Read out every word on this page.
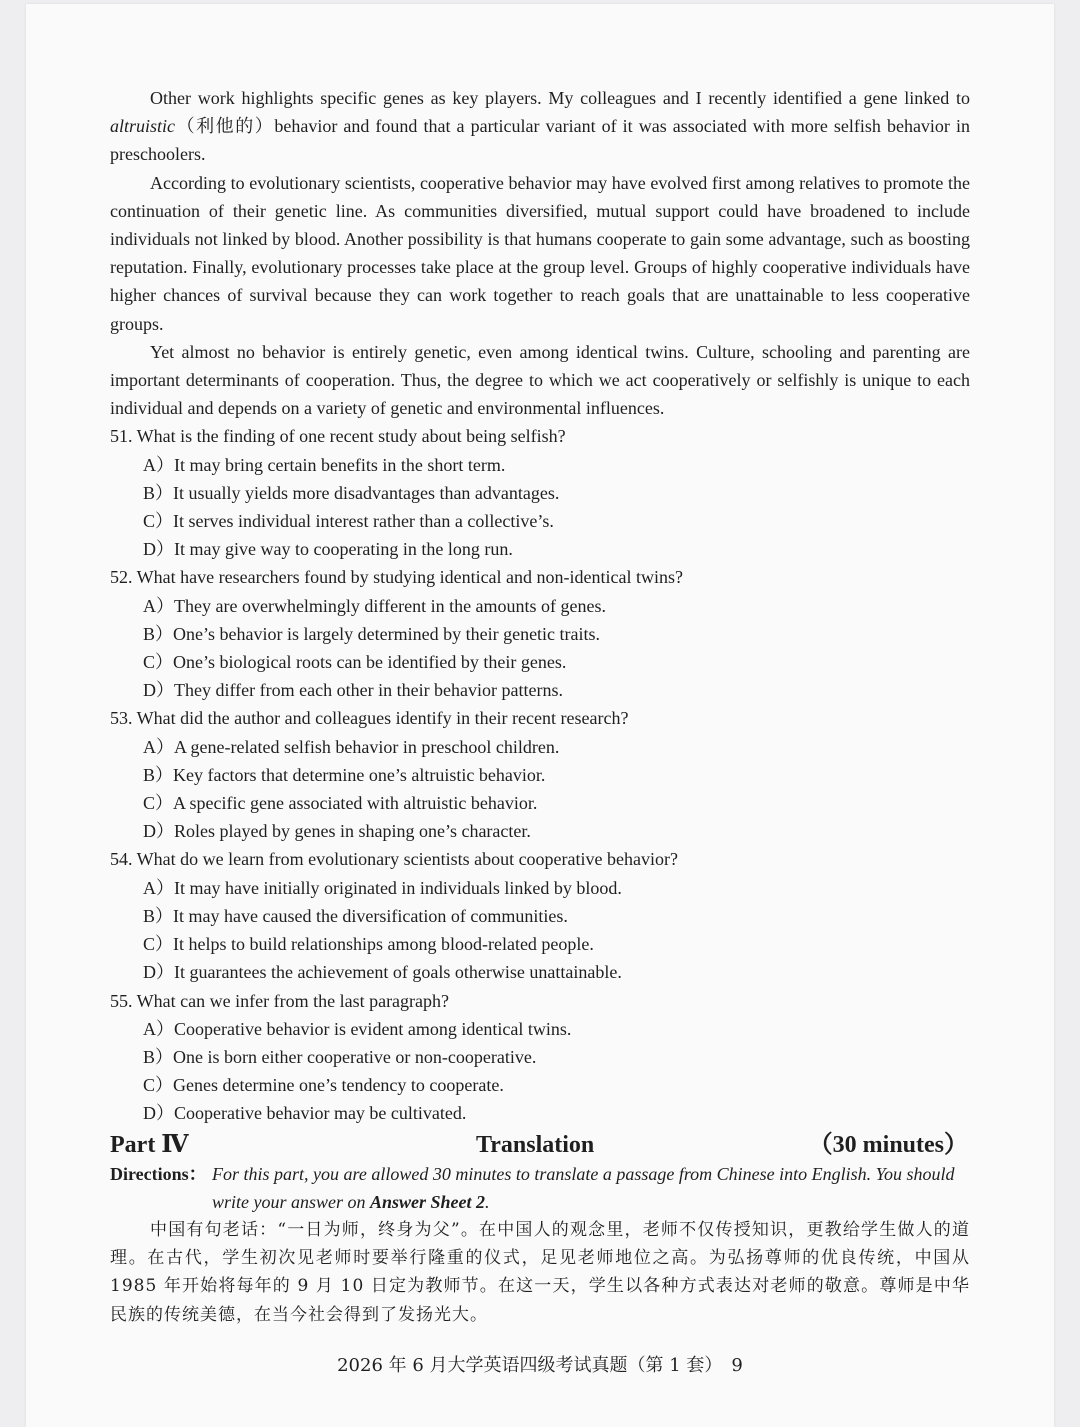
Other work highlights specific genes as key players. My colleagues and I recently identified a gene linked to altruistic（利他的）behavior and found that a particular variant of it was associated with more selfish behavior in preschoolers.

According to evolutionary scientists, cooperative behavior may have evolved first among relatives to promote the continuation of their genetic line. As communities diversified, mutual support could have broadened to include individuals not linked by blood. Another possibility is that humans cooperate to gain some advantage, such as boosting reputation. Finally, evolutionary processes take place at the group level. Groups of highly cooperative individuals have higher chances of survival because they can work together to reach goals that are unattainable to less cooperative groups.

Yet almost no behavior is entirely genetic, even among identical twins. Culture, schooling and parenting are important determinants of cooperation. Thus, the degree to which we act cooperatively or selfishly is unique to each individual and depends on a variety of genetic and environmental influences.

51. What is the finding of one recent study about being selfish?

A）It may bring certain benefits in the short term.

B）It usually yields more disadvantages than advantages.

C）It serves individual interest rather than a collective’s.

D）It may give way to cooperating in the long run.

52. What have researchers found by studying identical and non-identical twins?

A）They are overwhelmingly different in the amounts of genes.

B）One’s behavior is largely determined by their genetic traits.

C）One’s biological roots can be identified by their genes.

D）They differ from each other in their behavior patterns.

53. What did the author and colleagues identify in their recent research?

A）A gene-related selfish behavior in preschool children.

B）Key factors that determine one’s altruistic behavior.

C）A specific gene associated with altruistic behavior.

D）Roles played by genes in shaping one’s character.

54. What do we learn from evolutionary scientists about cooperative behavior?

A）It may have initially originated in individuals linked by blood.

B）It may have caused the diversification of communities.

C）It helps to build relationships among blood-related people.

D）It guarantees the achievement of goals otherwise unattainable.

55. What can we infer from the last paragraph?

A）Cooperative behavior is evident among identical twins.

B）One is born either cooperative or non-cooperative.

C）Genes determine one’s tendency to cooperate.

D）Cooperative behavior may be cultivated.

Part Ⅳ	Translation	（30 minutes）

Directions： For this part, you are allowed 30 minutes to translate a passage from Chinese into English. You should write your answer on Answer Sheet 2.

中国有句老话：“一日为师，终身为父”。在中国人的观念里，老师不仅传授知识，更教给学生做人的道理。在古代，学生初次见老师时要举行隆重的仪式，足见老师地位之高。为弘扬尊师的优良传统，中国从 1985 年开始将每年的 9 月 10 日定为教师节。在这一天，学生以各种方式表达对老师的敬意。尊师是中华民族的传统美德，在当今社会得到了发扬光大。

2026 年 6 月大学英语四级考试真题（第 1 套）　9
